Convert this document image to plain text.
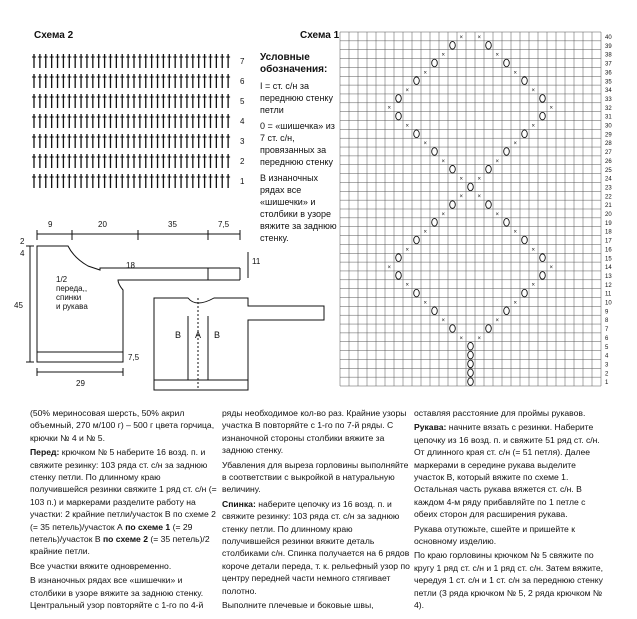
Схема 2
1
2
3
4
5
6
7
9	20	35	7,5
2
4
11
18
45
7,5
29
1/2 переда,, спинки и рукава
B A B
Схема 1
Условные обозначения:
I = ст. с/н за переднюю стенку петли
0 = «шишечка» из 7 ст. с/н, провязанных за переднюю стенку
В изнаночных рядах все «шишечки» и столбики в узоре вяжите за заднюю стенку.
× ×
×	×
×	×
×	×
×	×
×	×
×	×
×	×
× ×
× ×
×	×
×	×
×	×
×	×
×	×
×	×
×	×
× ×
1
2
3
4
5
6
7
8
9
10
11
12
13
14
15
16
17
18
19
20
21
22
23
24
25
26
27
28
29
30
31
32
33
34
35
36
37
38
39
40

(50% мериносовая шерсть, 50% акрил объемный, 270 м/100 г) – 500 г цвета горчица, крючки № 4 и № 5.

Перед: крючком № 5 наберите 16 возд. п. и свяжите резинку: 103 ряда ст. с/н за заднюю стенку петли. По длинному краю получившейся резинки свяжите 1 ряд ст. с/н (= 103 п.) и маркерами разделите работу на участки: 2 крайние петли/участок В по схеме 2 (= 35 петель)/участок А по схеме 1 (= 29 петель)/участок В по схеме 2 (= 35 петель)/2 крайние петли.

Все участки вяжите одновременно.

В изнаночных рядах все «шишечки» и столбики в узоре вяжите за заднюю стенку. Центральный узор повторяйте с 1-го по 4-й

ряды необходимое кол-во раз. Крайние узоры участка В повторяйте с 1-го по 7-й ряды. С изнаночной стороны столбики вяжите за заднюю стенку.

Убавления для выреза горловины выполняйте в соответствии с выкройкой в натуральную величину.

Спинка: наберите цепочку из 16 возд. п. и свяжите резинку: 103 ряда ст. с/н за заднюю стенку петли. По длинному краю получившейся резинки вяжите деталь столбиками с/н. Спинка получается на 6 рядов короче детали переда, т. к. рельефный узор по центру передней части немного стягивает полотно.

Выполните плечевые и боковые швы,

оставляя расстояние для проймы рукавов.

Рукава: начните вязать с резинки. Наберите цепочку из 16 возд. п. и свяжите 51 ряд ст. с/н. От длинного края ст. с/н (= 51 петля). Далее маркерами в середине рукава выделите участок В, который вяжите по схеме 1. Остальная часть рукава вяжется ст. с/н. В каждом 4-м ряду прибавляйте по 1 петле с обеих сторон для расширения рукава.

Рукава отутюжьте, сшейте и пришейте к основному изделию.

По краю горловины крючком № 5 свяжите по кругу 1 ряд ст. с/н и 1 ряд ст. с/н. Затем вяжите, чередуя 1 ст. с/н и 1 ст. с/н за переднюю стенку петли (3 ряда крючком № 5, 2 ряда крючком № 4).
